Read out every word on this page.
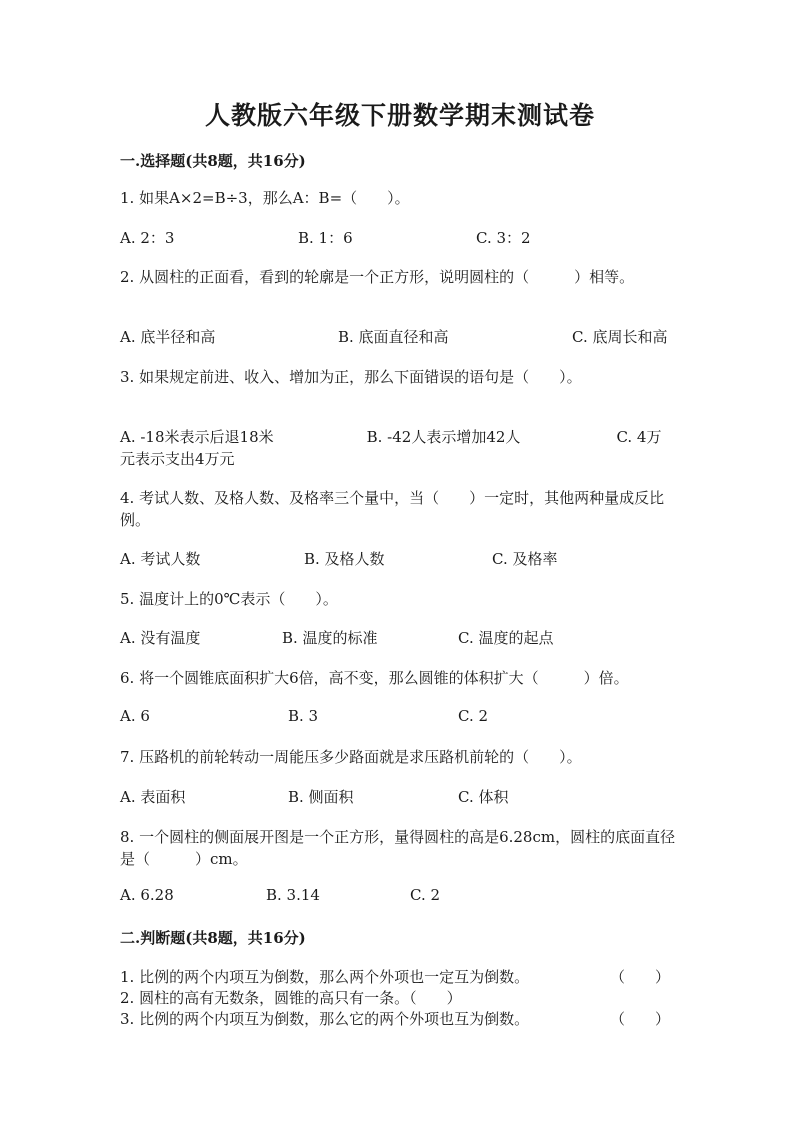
人教版六年级下册数学期末测试卷
一.选择题(共8题，共16分)
1. 如果A×2=B÷3，那么A：B=（　　）。
A. 2：3	B. 1：6	C. 3：2
2. 从圆柱的正面看，看到的轮廓是一个正方形，说明圆柱的（　　　）相等。
A. 底半径和高	B. 底面直径和高	C. 底周长和高
3. 如果规定前进、收入、增加为正，那么下面错误的语句是（　　）。
A. -18米表示后退18米	B. -42人表示增加42人	C. 4万元表示支出4万元
4. 考试人数、及格人数、及格率三个量中，当（　　）一定时，其他两种量成反比例。
A. 考试人数	B. 及格人数	C. 及格率
5. 温度计上的0℃表示（　　）。
A. 没有温度	B. 温度的标准	C. 温度的起点
6. 将一个圆锥底面积扩大6倍，高不变，那么圆锥的体积扩大（　　　）倍。
A. 6	B. 3	C. 2
7. 压路机的前轮转动一周能压多少路面就是求压路机前轮的（　　）。
A. 表面积	B. 侧面积	C. 体积
8. 一个圆柱的侧面展开图是一个正方形，量得圆柱的高是6.28cm，圆柱的底面直径是（　　　）cm。
A. 6.28	B. 3.14	C. 2
二.判断题(共8题，共16分)
1. 比例的两个内项互为倒数，那么两个外项也一定互为倒数。	（　　）
2. 圆柱的高有无数条，圆锥的高只有一条。（　　）
3. 比例的两个内项互为倒数，那么它的两个外项也互为倒数。	（　　）
